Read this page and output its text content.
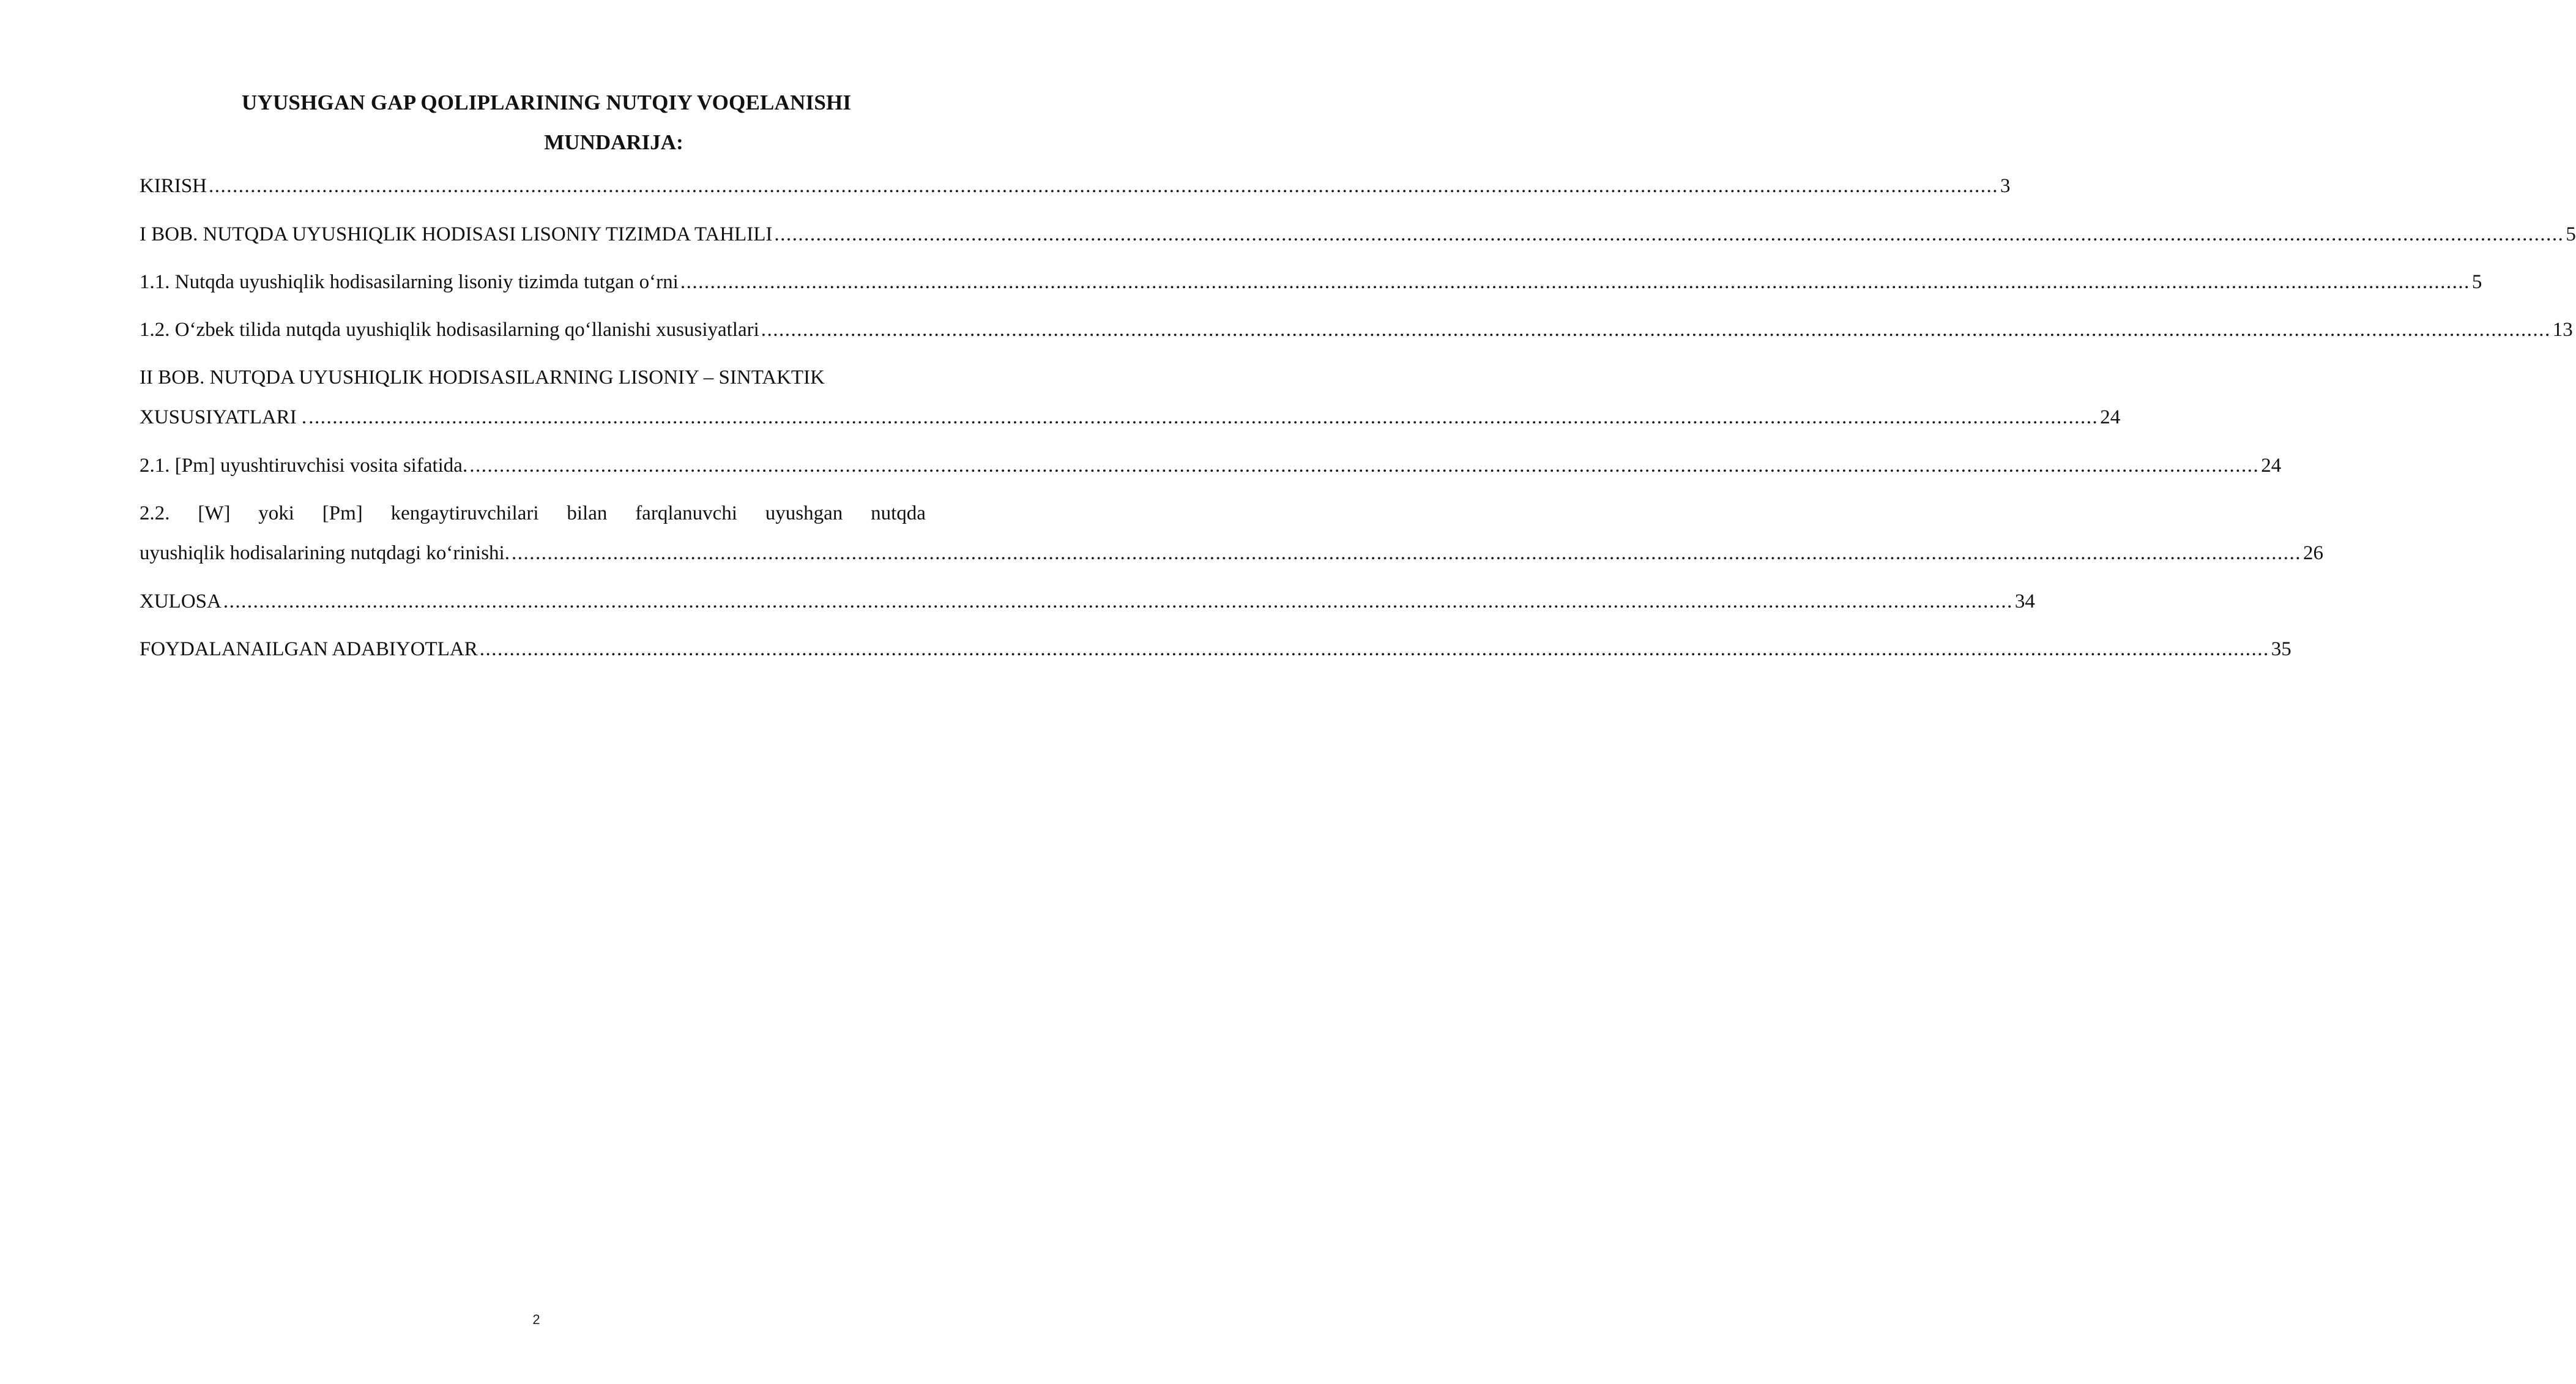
UYUSHGAN GAP QOLIPLARINING NUTQIY VOQELANISHI
MUNDARIJA:
KIRISH ............................................................................................................................................................................................................................................................................................................ 3
I BOB. NUTQDA UYUSHIQLIK HODISASI LISONIY TIZIMDA TAHLILI ............................................................................................................................................................................................................................................................................................................ 5
1.1. Nutqda uyushiqlik hodisasilarning lisoniy tizimda tutgan o‘rni ............................................................................................................................................................................................................................................................................................................ 5
1.2. O‘zbek tilida nutqda uyushiqlik hodisasilarning qo‘llanishi xususiyatlari ............................................................................................................................................................................................................................................................................................................ 13
II BOB. NUTQDA UYUSHIQLIK HODISASILARNING LISONIY – SINTAKTIK
XUSUSIYATLARI . ............................................................................................................................................................................................................................................................................................................ 24
2.1. [Pm] uyushtiruvchisi vosita sifatida. ............................................................................................................................................................................................................................................................................................................ 24
2.2. [W] yoki [Pm] kengaytiruvchilari bilan farqlanuvchi uyushgan nutqda
uyushiqlik hodisalarining nutqdagi ko‘rinishi. ............................................................................................................................................................................................................................................................................................................ 26
XULOSA ............................................................................................................................................................................................................................................................................................................ 34
FOYDALANAILGAN ADABIYOTLAR ............................................................................................................................................................................................................................................................................................................ 35
2
